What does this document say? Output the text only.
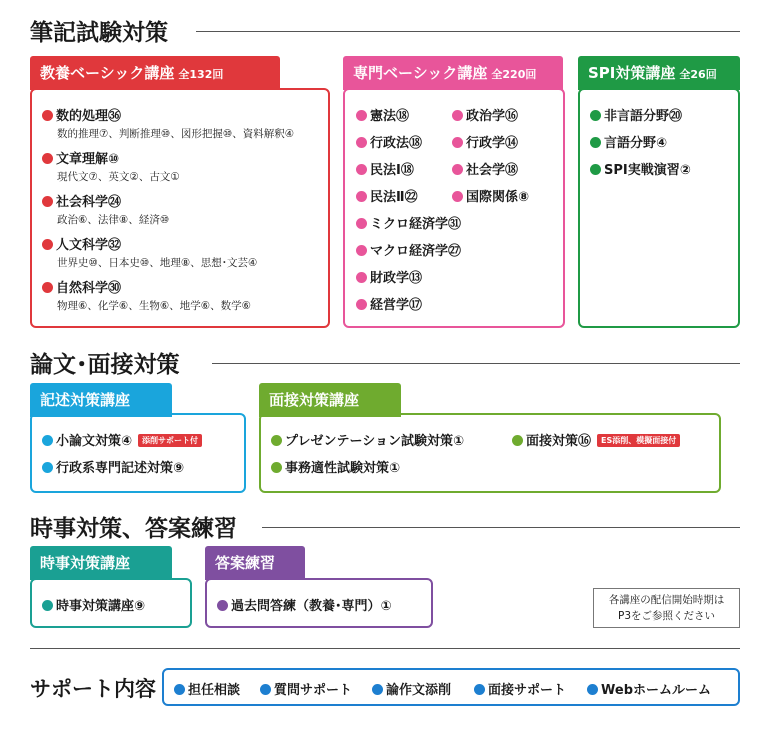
筆記試験対策
教養ベーシック講座 全132回
数的処理㊱
数的推理⑦、判断推理⑩、図形把握⑩、資料解釈④
文章理解⑩
現代文⑦、英文②、古文①
社会科学㉔
政治⑥、法律⑧、経済⑩
人文科学㉜
世界史⑩、日本史⑩、地理⑧、思想･文芸④
自然科学㉚
物理⑥、化学⑥、生物⑥、地学⑥、数学⑥
専門ベーシック講座 全220回
憲法⑱
行政法⑱
民法Ⅰ⑱
民法Ⅱ㉒
ミクロ経済学㉛
マクロ経済学㉗
財政学⑬
経営学⑰
政治学⑯
行政学⑭
社会学⑱
国際関係⑧
SPI対策講座 全26回
非言語分野⑳
言語分野④
SPI実戦演習②
論文･面接対策
記述対策講座
小論文対策④ 添削サポート付
行政系専門記述対策⑨
面接対策講座
プレゼンテーション試験対策①	面接対策⑯ ES添削、模擬面接付
事務適性試験対策①
時事対策、答案練習
時事対策講座
時事対策講座⑨
答案練習
過去問答練（教養･専門）①	各講座の配信開始時期は
P3をご参照ください
サポート内容	担任相談	質問サポート	論作文添削	面接サポート	Webホームルーム
